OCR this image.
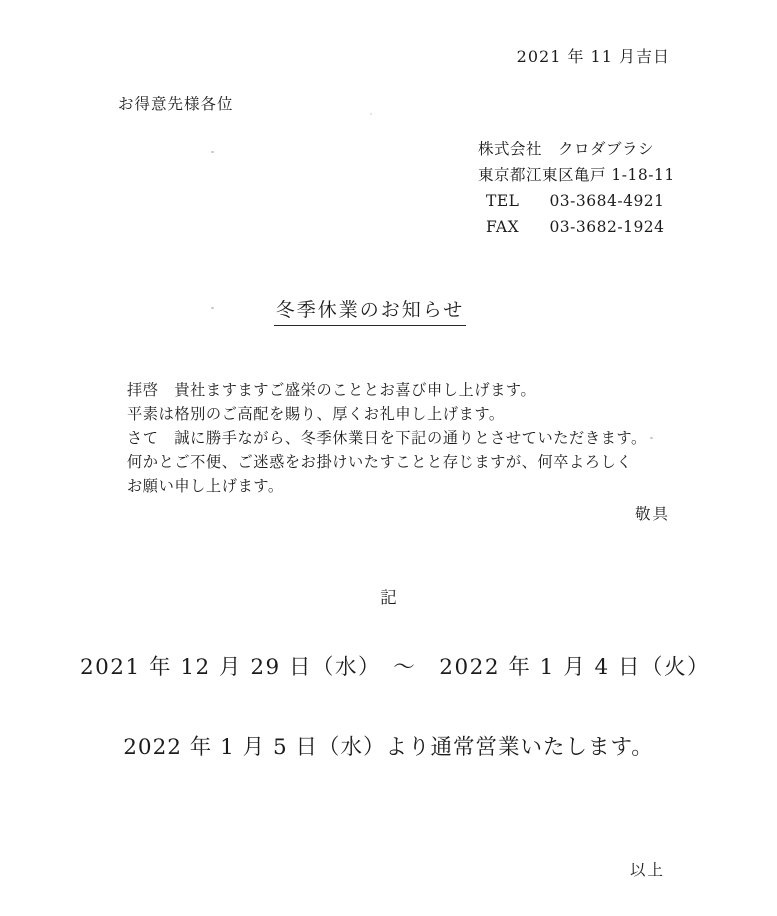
2021 年 11 月吉日
お得意先様各位
株式会社　クロダブラシ
東京都江東区亀戸 1-18-11
TEL 03-3684-4921
FAX 03-3682-1924
冬季休業のお知らせ
拝啓　貴社ますますご盛栄のこととお喜び申し上げます。
平素は格別のご高配を賜り、厚くお礼申し上げます。
さて　誠に勝手ながら、冬季休業日を下記の通りとさせていただきます。
何かとご不便、ご迷惑をお掛けいたすことと存じますが、何卒よろしく
お願い申し上げます。
敬具
記
2021 年 12 月 29 日（水）　〜　2022 年 1 月 4 日（火）
2022 年 1 月 5 日（水）より通常営業いたします。
以上
